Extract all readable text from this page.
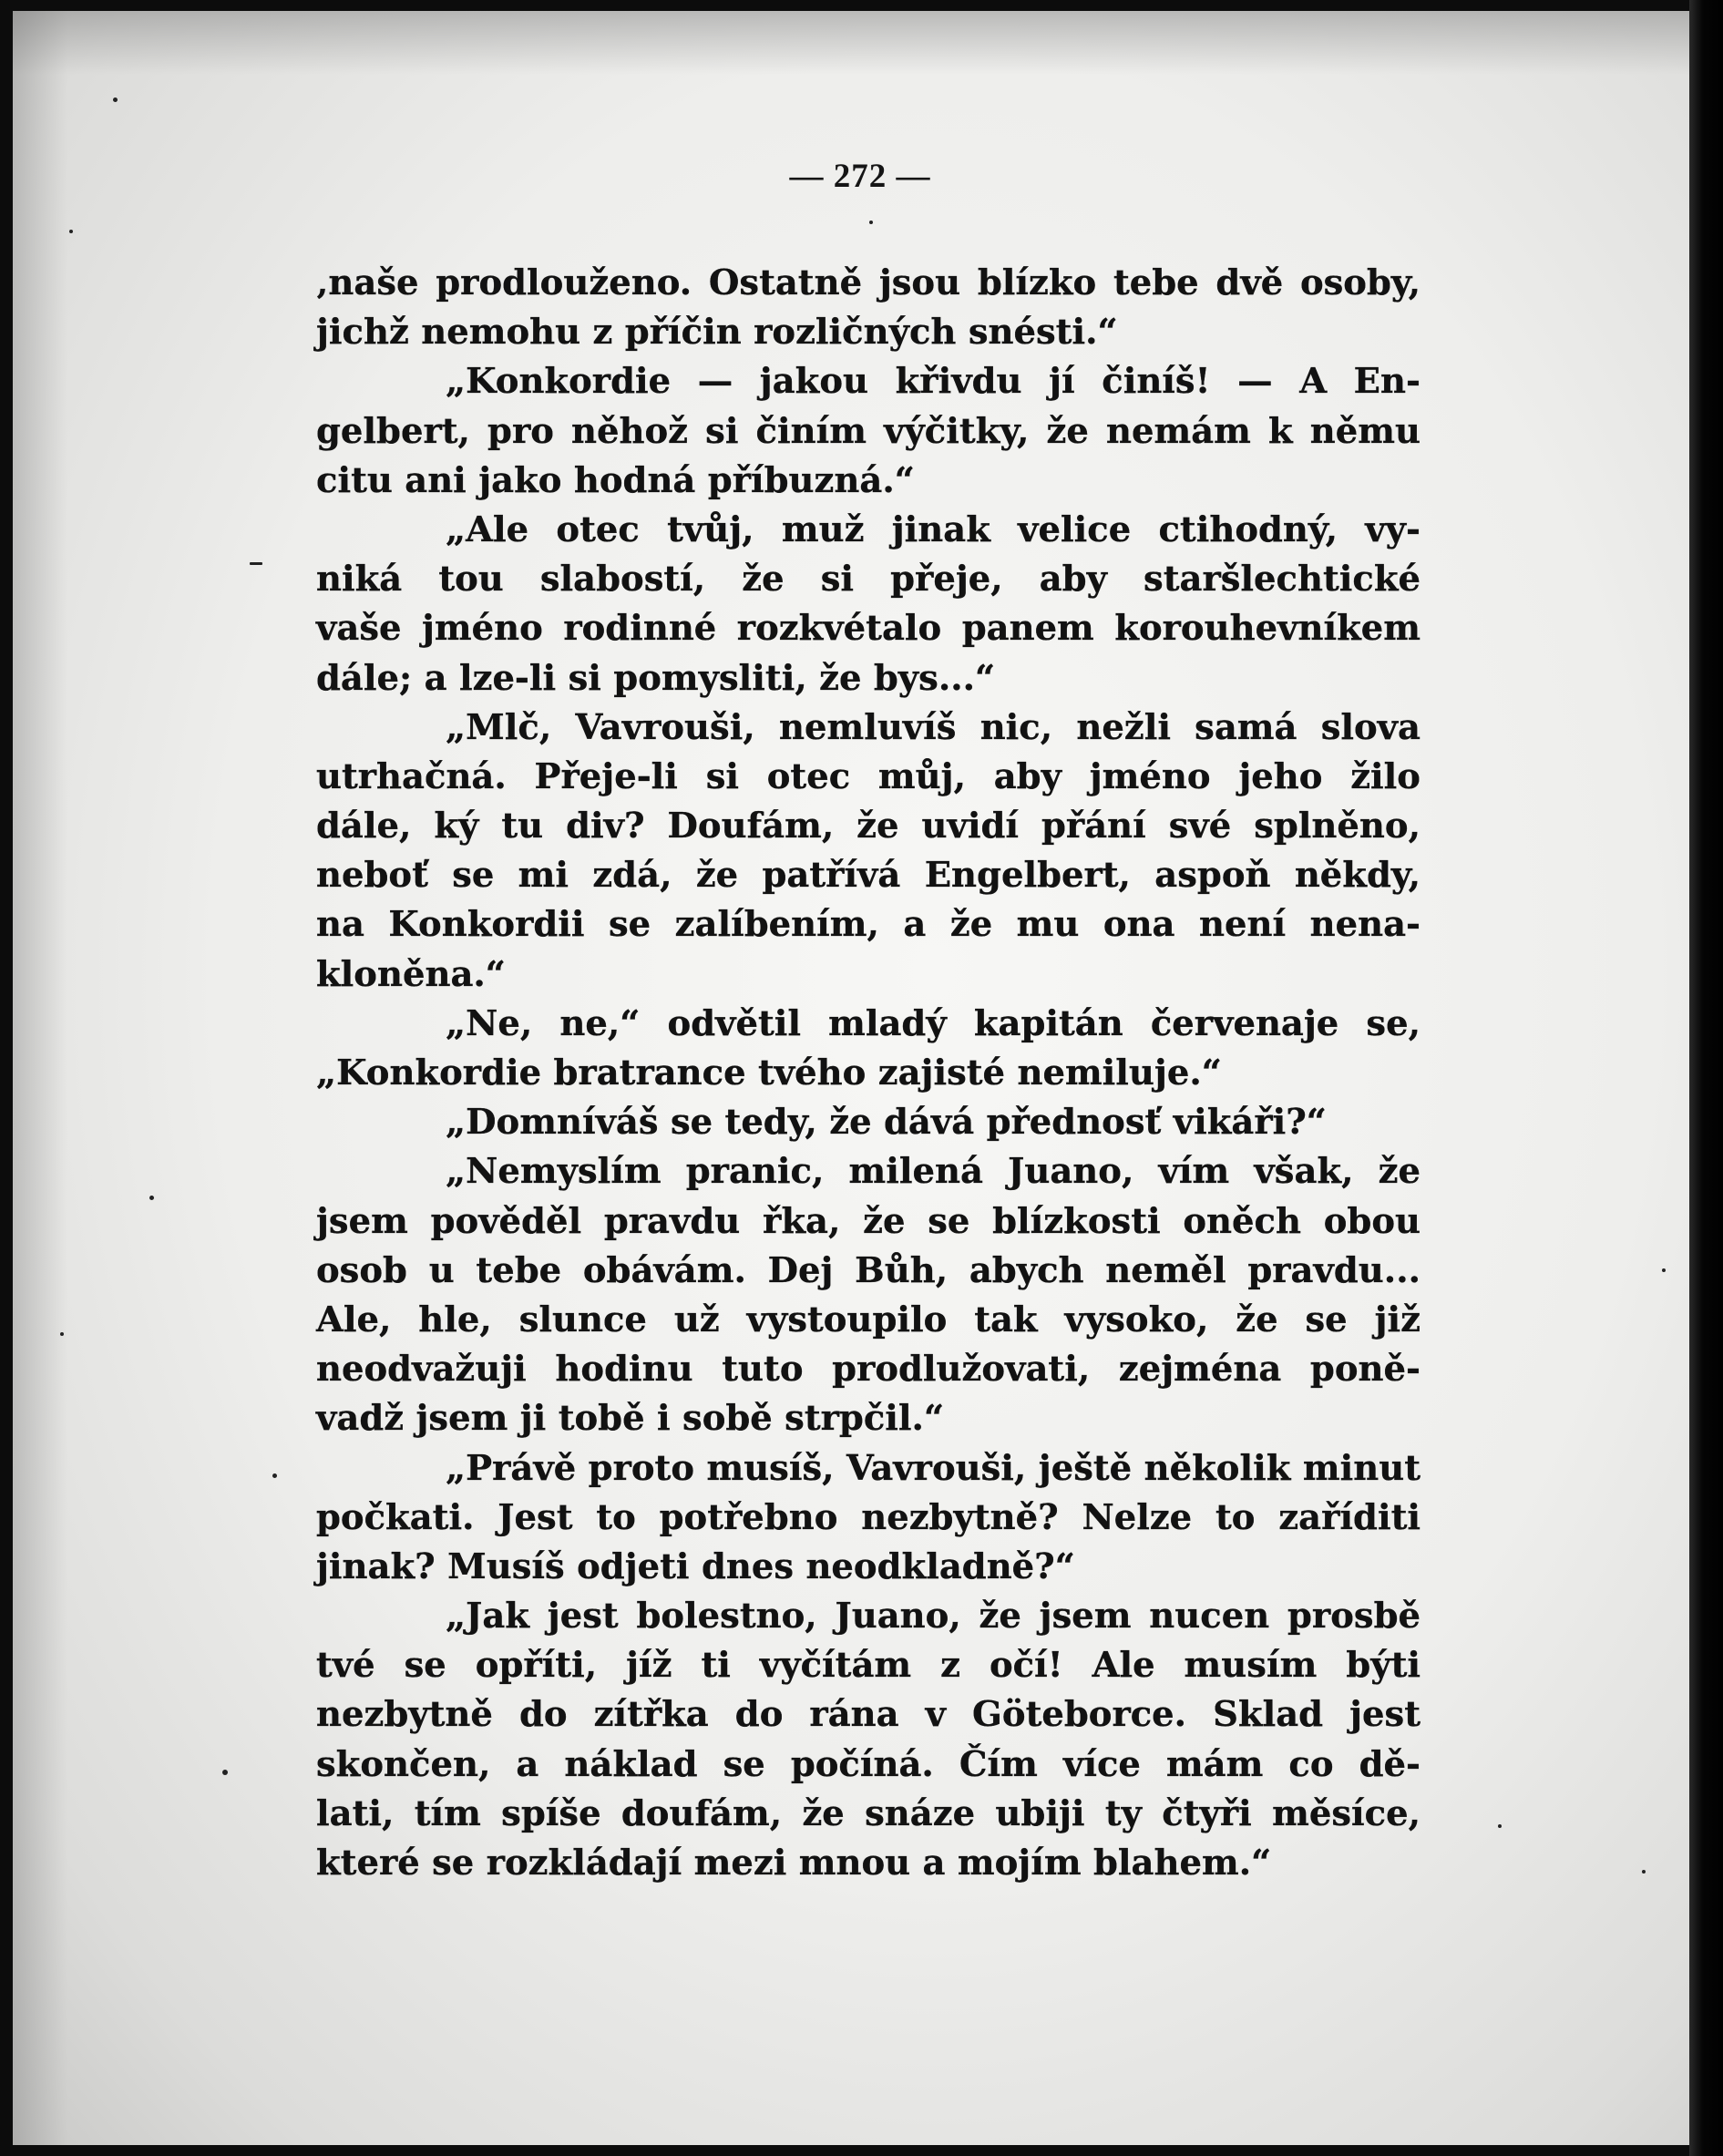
— 272 —
‚naše prodlouženo. Ostatně jsou blízko tebe dvě osoby,
jichž nemohu z příčin rozličných snésti.“
„Konkordie — jakou křivdu jí činíš! — A En-
gelbert, pro něhož si činím výčitky, že nemám k němu
citu ani jako hodná příbuzná.“
„Ale otec tvůj, muž jinak velice ctihodný, vy-
niká tou slabostí, že si přeje, aby staršlechtické
vaše jméno rodinné rozkvétalo panem korouhevníkem
dále; a lze-li si pomysliti, že bys...“
„Mlč, Vavrouši, nemluvíš nic, nežli samá slova
utrhačná. Přeje-li si otec můj, aby jméno jeho žilo
dále, ký tu div? Doufám, že uvidí přání své splněno,
neboť se mi zdá, že patřívá Engelbert, aspoň někdy,
na Konkordii se zalíbením, a že mu ona není nena-
kloněna.“
„Ne, ne,“ odvětil mladý kapitán červenaje se,
„Konkordie bratrance tvého zajisté nemiluje.“
„Domníváš se tedy, že dává přednosť vikáři?“
„Nemyslím pranic, milená Juano, vím však, že
jsem pověděl pravdu řka, že se blízkosti oněch obou
osob u tebe obávám. Dej Bůh, abych neměl pravdu...
Ale, hle, slunce už vystoupilo tak vysoko, že se již
neodvažuji hodinu tuto prodlužovati, zejména poně-
vadž jsem ji tobě i sobě strpčil.“
„Právě proto musíš, Vavrouši, ještě několik minut
počkati. Jest to potřebno nezbytně? Nelze to zaříditi
jinak? Musíš odjeti dnes neodkladně?“
„Jak jest bolestno, Juano, že jsem nucen prosbě
tvé se opříti, jíž ti vyčítám z očí! Ale musím býti
nezbytně do zítřka do rána v Göteborce. Sklad jest
skončen, a náklad se počíná. Čím více mám co dě-
lati, tím spíše doufám, že snáze ubiji ty čtyři měsíce,
které se rozkládají mezi mnou a mojím blahem.“
